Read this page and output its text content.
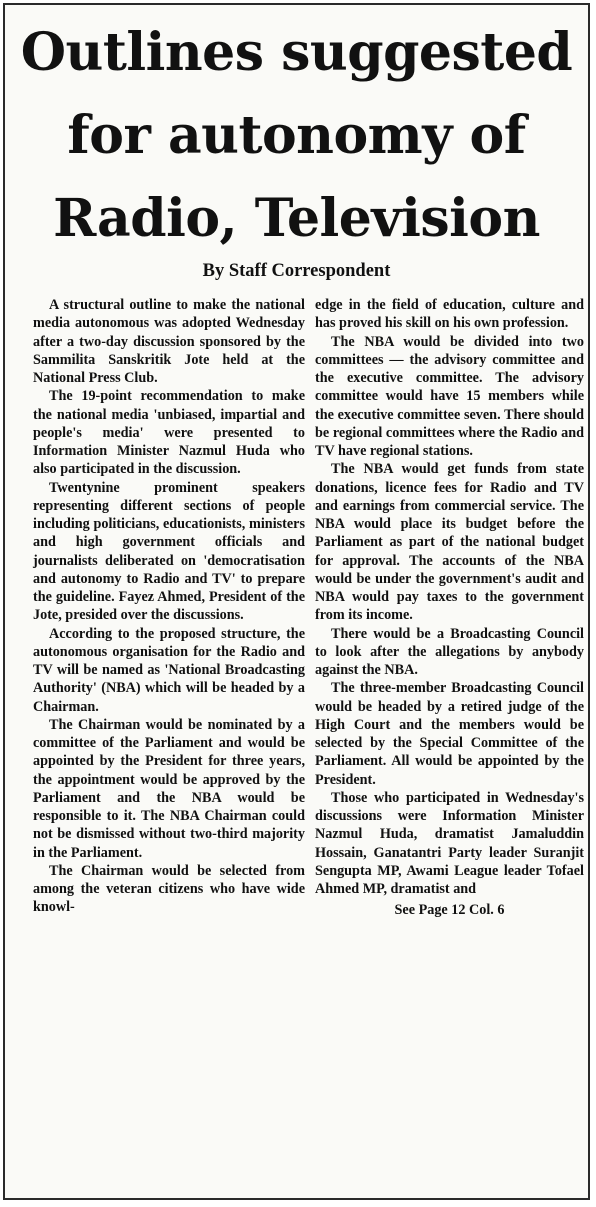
Outlines suggested
for autonomy of
Radio, Television
By Staff Correspondent

A structural outline to make the national media autonomous was adopted Wednesday after a two-day discussion sponsored by the Sammilita Sanskritik Jote held at the National Press Club.

The 19-point recommendation to make the national media 'unbiased, impartial and people's media' were presented to Information Minister Nazmul Huda who also participated in the discussion.

Twentynine prominent speakers representing different sections of people including politicians, educationists, ministers and high government officials and journalists deliberated on 'democratisation and autonomy to Radio and TV' to prepare the guideline. Fayez Ahmed, President of the Jote, presided over the discussions.

According to the proposed structure, the autonomous organisation for the Radio and TV will be named as 'National Broadcasting Authority' (NBA) which will be headed by a Chairman.

The Chairman would be nominated by a committee of the Parliament and would be appointed by the President for three years, the appointment would be approved by the Parliament and the NBA would be responsible to it. The NBA Chairman could not be dismissed without two-third majority in the Parliament.

The Chairman would be selected from among the veteran citizens who have wide knowl-

edge in the field of education, culture and has proved his skill on his own profession.

The NBA would be divided into two committees — the advisory committee and the executive committee. The advisory committee would have 15 members while the executive committee seven. There should be regional committees where the Radio and TV have regional stations.

The NBA would get funds from state donations, licence fees for Radio and TV and earnings from commercial service. The NBA would place its budget before the Parliament as part of the national budget for approval. The accounts of the NBA would be under the government's audit and NBA would pay taxes to the government from its income.

There would be a Broadcasting Council to look after the allegations by anybody against the NBA.

The three-member Broadcasting Council would be headed by a retired judge of the High Court and the members would be selected by the Special Committee of the Parliament. All would be appointed by the President.

Those who participated in Wednesday's discussions were Information Minister Nazmul Huda, dramatist Jamaluddin Hossain, Ganatantri Party leader Suranjit Sengupta MP, Awami League leader Tofael Ahmed MP, dramatist and

See Page 12 Col. 6
